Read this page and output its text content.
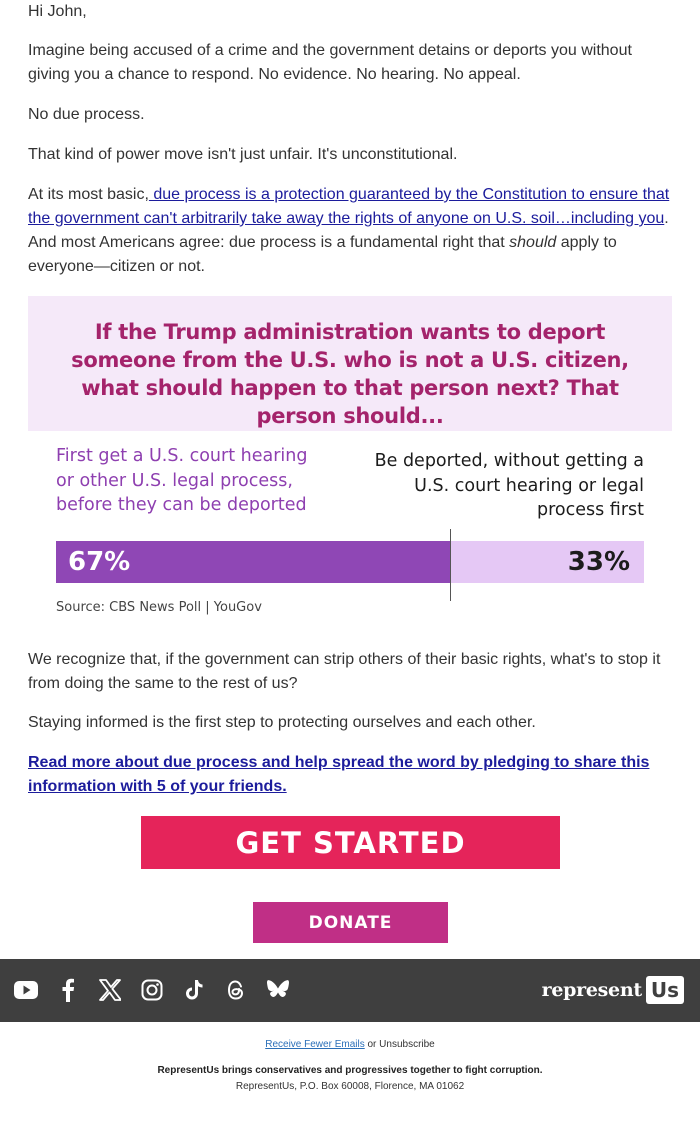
Hi John,

Imagine being accused of a crime and the government detains or deports you without giving you a chance to respond. No evidence. No hearing. No appeal.

No due process.

That kind of power move isn't just unfair. It's unconstitutional.

At its most basic, due process is a protection guaranteed by the Constitution to ensure that the government can't arbitrarily take away the rights of anyone on U.S. soil…including you. And most Americans agree: due process is a fundamental right that should apply to everyone—citizen or not.

If the Trump administration wants to deport someone from the U.S. who is not a U.S. citizen, what should happen to that person next? That person should...
First get a U.S. court hearing or other U.S. legal process, before they can be deported
Be deported, without getting a U.S. court hearing or legal process first
67%	33%
Source: CBS News Poll | YouGov

We recognize that, if the government can strip others of their basic rights, what's to stop it from doing the same to the rest of us?

Staying informed is the first step to protecting ourselves and each other.

Read more about due process and help spread the word by pledging to share this information with 5 of your friends.

GET STARTED
DONATE
represent Us
Receive Fewer Emails or Unsubscribe
RepresentUs brings conservatives and progressives together to fight corruption.
RepresentUs, P.O. Box 60008, Florence, MA 01062
